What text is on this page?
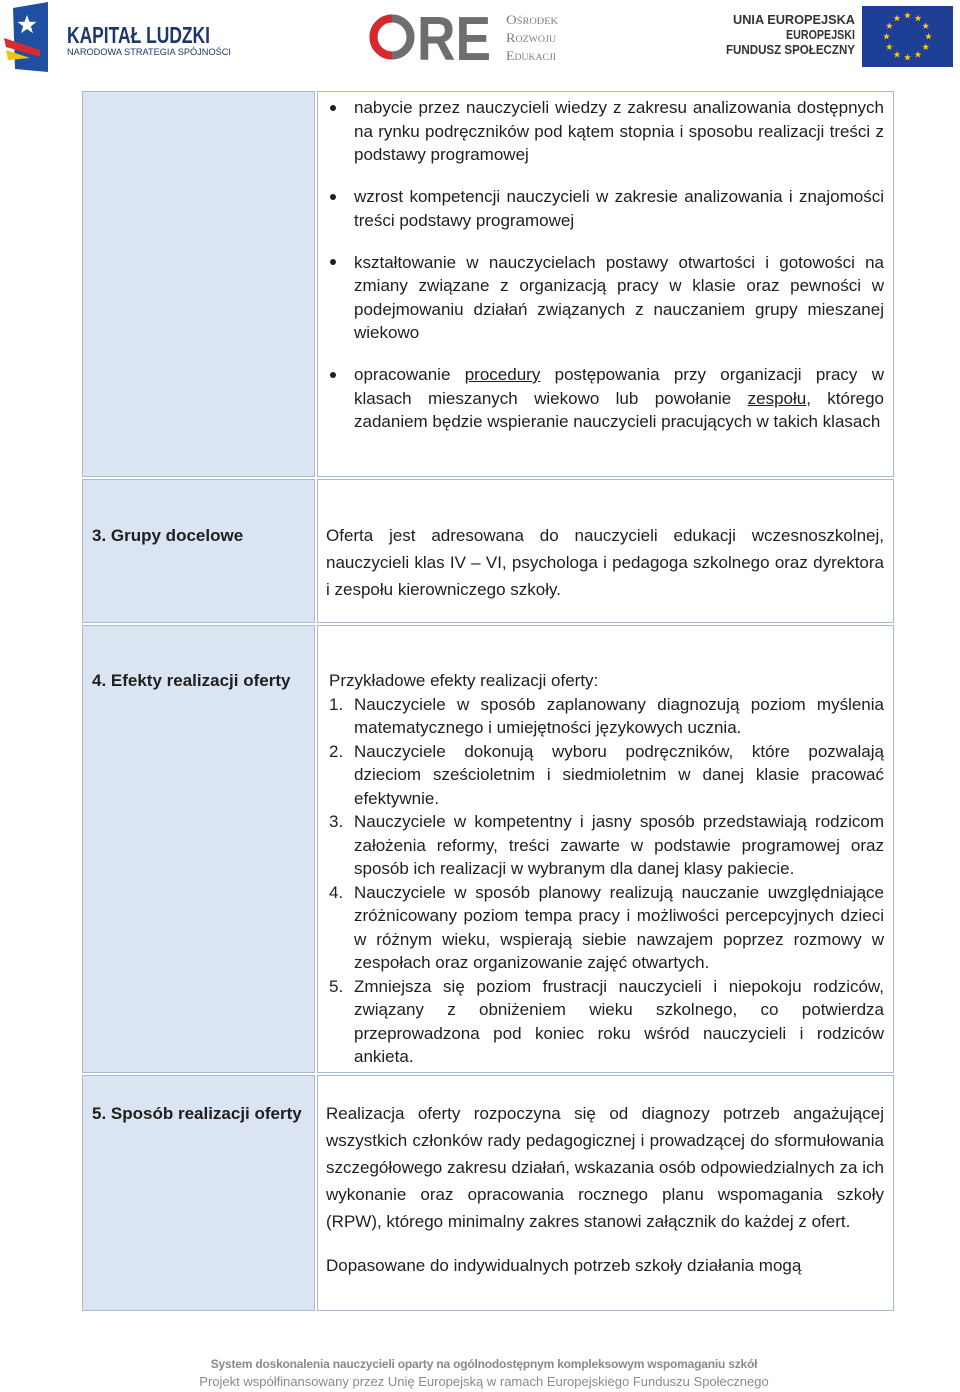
KAPITAŁ LUDZKI
NARODOWA STRATEGIA SPÓJNOŚCI	RE Ośrodek
Rozwoju
Edukacji
UNIA EUROPEJSKA
EUROPEJSKI
FUNDUSZ SPOŁECZNY
nabycie przez nauczycieli wiedzy z zakresu analizowania dostępnych na rynku podręczników pod kątem stopnia i sposobu realizacji treści z podstawy programowej
wzrost kompetencji nauczycieli w zakresie analizowania i znajomości treści podstawy programowej
kształtowanie w nauczycielach postawy otwartości i gotowości na zmiany związane z organizacją pracy w klasie oraz pewności w podejmowaniu działań związanych z nauczaniem grupy mieszanej wiekowo
opracowanie procedury postępowania przy organizacji pracy w klasach mieszanych wiekowo lub powołanie zespołu, którego zadaniem będzie wspieranie nauczycieli pracujących w takich klasach
3. Grupy docelowe	Oferta jest adresowana do nauczycieli edukacji wczesnoszkolnej, nauczycieli klas IV – VI, psychologa i pedagoga szkolnego oraz dyrektora i zespołu kierowniczego szkoły.

4. Efekty realizacji oferty	Przykładowe efekty realizacji oferty:
1. Nauczyciele w sposób zaplanowany diagnozują poziom myślenia matematycznego i umiejętności językowych ucznia.
2. Nauczyciele dokonują wyboru podręczników, które pozwalają dzieciom sześcioletnim i siedmioletnim w danej klasie pracować efektywnie.
3. Nauczyciele w kompetentny i jasny sposób przedstawiają rodzicom założenia reformy, treści zawarte w podstawie programowej oraz sposób ich realizacji w wybranym dla danej klasy pakiecie.
4. Nauczyciele w sposób planowy realizują nauczanie uwzględniające zróżnicowany poziom tempa pracy i możliwości percepcyjnych dzieci w różnym wieku, wspierają siebie nawzajem poprzez rozmowy w zespołach oraz organizowanie zajęć otwartych.
5. Zmniejsza się poziom frustracji nauczycieli i niepokoju rodziców, związany z obniżeniem wieku szkolnego, co potwierdza przeprowadzona pod koniec roku wśród nauczycieli i rodziców ankieta.
5. Sposób realizacji oferty	Realizacja oferty rozpoczyna się od diagnozy potrzeb angażującej wszystkich członków rady pedagogicznej i prowadzącej do sformułowania szczegółowego zakresu działań, wskazania osób odpowiedzialnych za ich wykonanie oraz opracowania rocznego planu wspomagania szkoły (RPW), którego minimalny zakres stanowi załącznik do każdej z ofert.

Dopasowane do indywidualnych potrzeb szkoły działania mogą

System doskonalenia nauczycieli oparty na ogólnodostępnym kompleksowym wspomaganiu szkół
Projekt współfinansowany przez Unię Europejską w ramach Europejskiego Funduszu Społecznego
